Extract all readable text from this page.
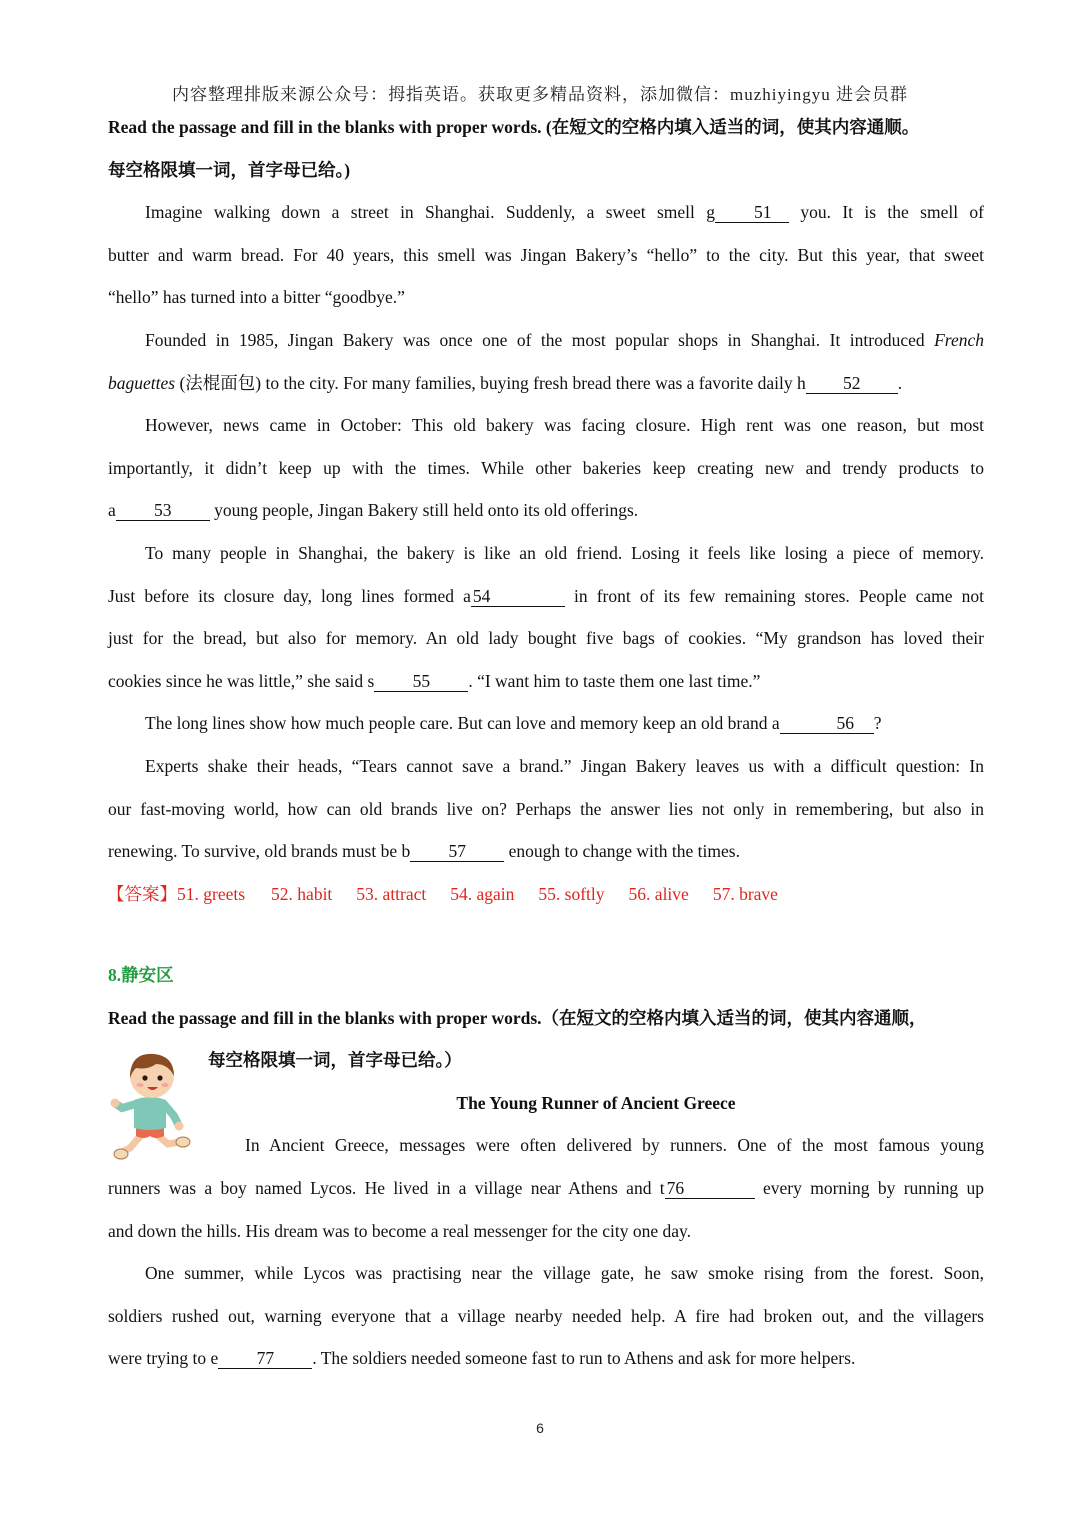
内容整理排版来源公众号：拇指英语。获取更多精品资料，添加微信：muzhiyingyu 进会员群
Read the passage and fill in the blanks with proper words. (在短文的空格内填入适当的词，使其内容通顺。
每空格限填一词，首字母已给。)
Imagine walking down a street in Shanghai. Suddenly, a sweet smell g 51 you. It is the smell of
butter and warm bread. For 40 years, this smell was Jingan Bakery’s “hello” to the city. But this year, that sweet
“hello” has turned into a bitter “goodbye.”
Founded in 1985, Jingan Bakery was once one of the most popular shops in Shanghai. It introduced French
baguettes (法棍面包) to the city. For many families, buying fresh bread there was a favorite daily h 52 .
However, news came in October: This old bakery was facing closure. High rent was one reason, but most
importantly, it didn’t keep up with the times. While other bakeries keep creating new and trendy products to
a 53 young people, Jingan Bakery still held onto its old offerings.
To many people in Shanghai, the bakery is like an old friend. Losing it feels like losing a piece of memory.
Just before its closure day, long lines formed a 54	in front of its few remaining stores. People came not
just for the bread, but also for memory. An old lady bought five bags of cookies. “My grandson has loved their
cookies since he was little,” she said s 55 . “I want him to taste them one last time.”
The long lines show how much people care. But can love and memory keep an old brand a	56 ?
Experts shake their heads, “Tears cannot save a brand.” Jingan Bakery leaves us with a difficult question: In
our fast-moving world, how can old brands live on? Perhaps the answer lies not only in remembering, but also in
renewing. To survive, old brands must be b 57 enough to change with the times.
【答案】51. greets 52. habit 53. attract 54. again 55. softly 56. alive 57. brave
8.静安区
Read the passage and fill in the blanks with proper words.（在短文的空格内填入适当的词，使其内容通顺，
每空格限填一词，首字母已给。）
The Young Runner of Ancient Greece
In Ancient Greece, messages were often delivered by runners. One of the most famous young
runners was a boy named Lycos. He lived in a village near Athens and t 76	every morning by running up
and down the hills. His dream was to become a real messenger for the city one day.
One summer, while Lycos was practising near the village gate, he saw smoke rising from the forest. Soon,
soldiers rushed out, warning everyone that a village nearby needed help. A fire had broken out, and the villagers
were trying to e 77 . The soldiers needed someone fast to run to Athens and ask for more helpers.
6
